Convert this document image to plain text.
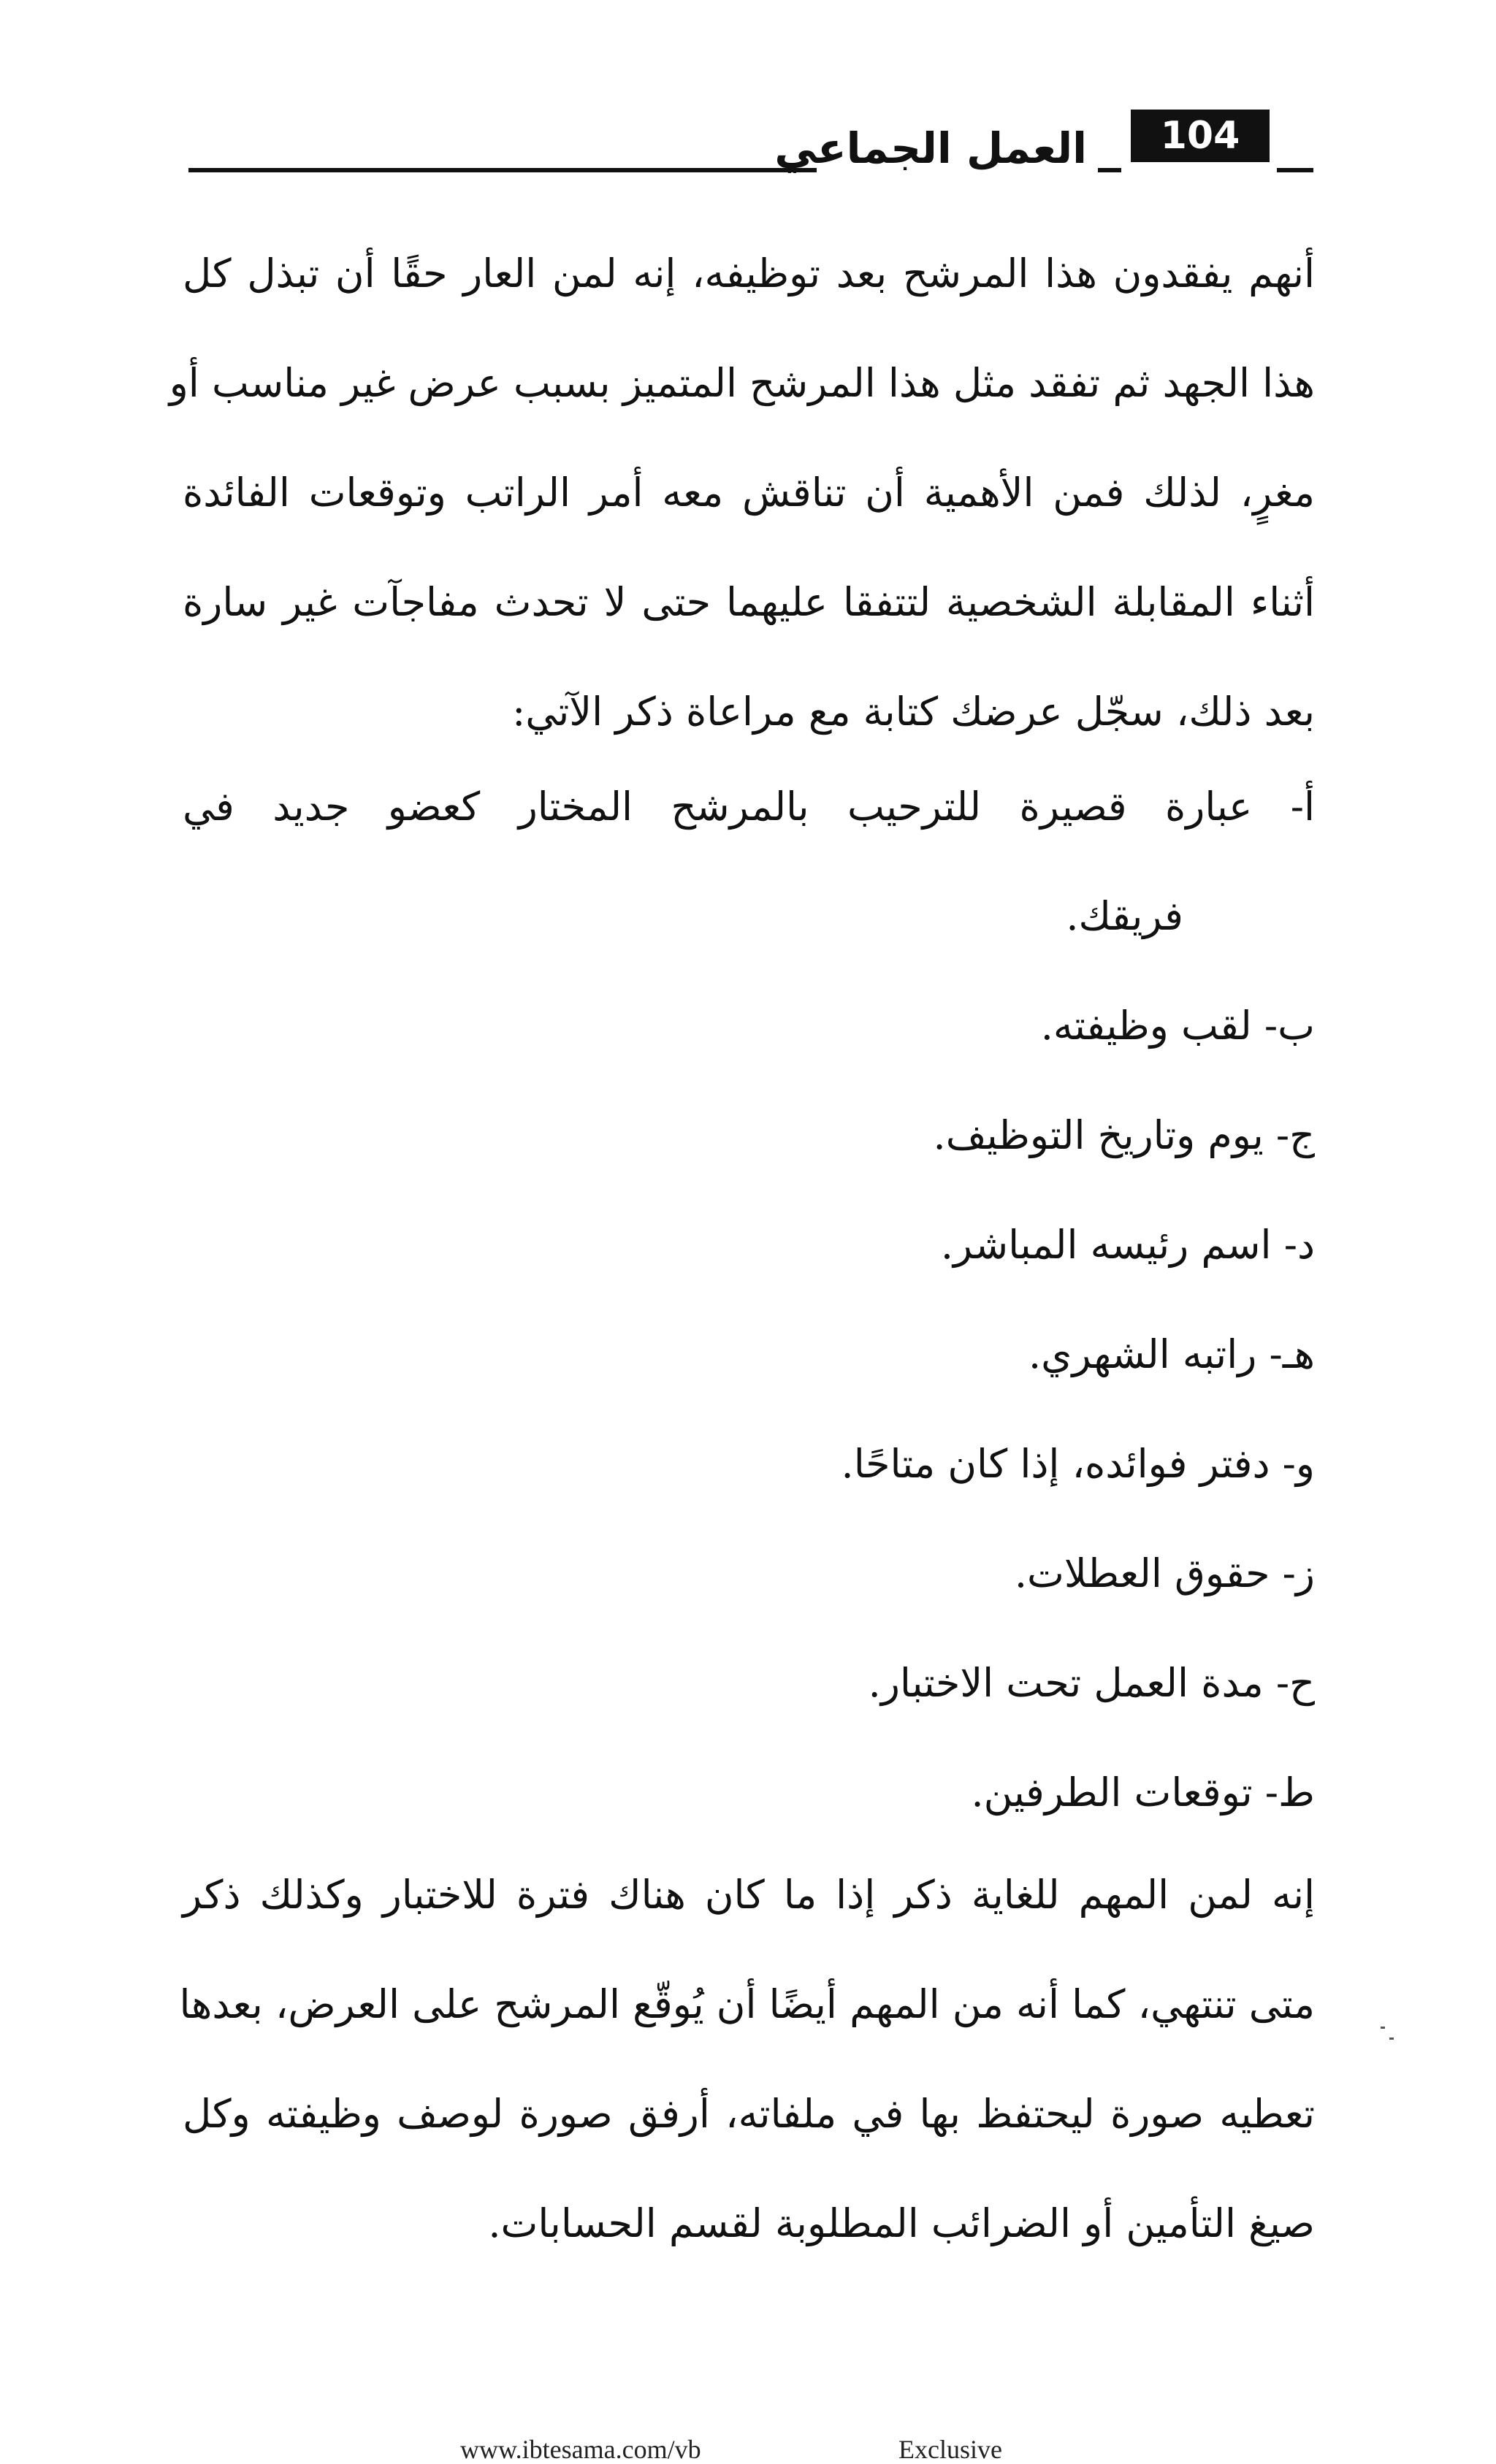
العمل الجماعي	104
أنهم يفقدون هذا المرشح بعد توظيفه، إنه لمن العار حقًا أن تبذل كل
هذا الجهد ثم تفقد مثل هذا المرشح المتميز بسبب عرض غير مناسب أو
مغرٍ، لذلك فمن الأهمية أن تناقش معه أمر الراتب وتوقعات الفائدة
أثناء المقابلة الشخصية لتتفقا عليهما حتى لا تحدث مفاجآت غير سارة
بعد ذلك، سجّل عرضك كتابة مع مراعاة ذكر الآتي:
أ- عبارة قصيرة للترحيب بالمرشح المختار كعضو جديد في
فريقك.
ب- لقب وظيفته.
ج- يوم وتاريخ التوظيف.
د- اسم رئيسه المباشر.
هـ- راتبه الشهري.
و- دفتر فوائده، إذا كان متاحًا.
ز- حقوق العطلات.
ح- مدة العمل تحت الاختبار.
ط- توقعات الطرفين.
إنه لمن المهم للغاية ذكر إذا ما كان هناك فترة للاختبار وكذلك ذكر
متى تنتهي، كما أنه من المهم أيضًا أن يُوقّع المرشح على العرض، بعدها
تعطيه صورة ليحتفظ بها في ملفاته، أرفق صورة لوصف وظيفته وكل
صيغ التأمين أو الضرائب المطلوبة لقسم الحسابات.
www.ibtesama.com/vb	Exclusive
